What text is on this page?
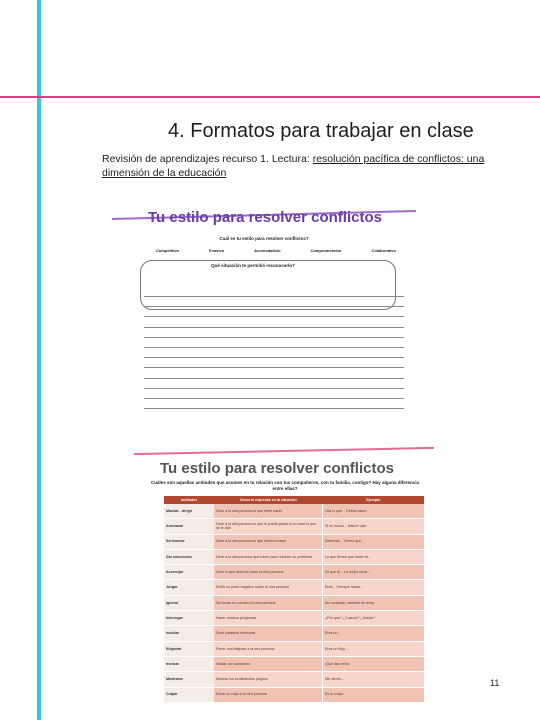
4. Formatos para trabajar en clase
Revisión de aprendizajes recurso 1. Lectura: resolución pacífica de conflictos: una dimensión de la educación
Tu estilo para resolver conflictos
Cuál es tu estilo para resolver conflictos?
Competitivo	Evasivo	Acomodaticio	Comprometedor	Colaborativo
Qué situación te permitió reconocerlo?
Tu estilo para resolver conflictos
Cuáles son aquellas actitudes que asumes en tu relación con tus compañeros, con tu familia, contigo? Hay alguna diferencia entre ellas?
Actitudes	Cómo te expresas en la situación	Ejemplo
Mandar - dirigir	Decir a la otra persona lo que debe hacer	Haz lo que... Debes hacer...
Amenazar	Decir a la otra persona lo que le puede pasar si no hace lo que se le dice	Si no haces... Más te vale...
Sermonear	Decir a la otra persona lo que debería hacer	Deberías... Tienes que...
Dar soluciones	Decir a la otra persona qué hacer para resolver su problema	Lo que tienes que hacer es...
Aconsejar	Decir lo que debería hacer la otra persona	Yo que tú... Lo mejor sería...
Juzgar	Emitir un juicio negativo sobre la otra persona	Eres... Siempre haces...
Ignorar	No tomar en cuenta a la otra persona	No contestar, cambiar de tema
Interrogar	Hacer muchas preguntas	¿Por qué? ¿Cuándo? ¿Dónde?
Insultar	Decir palabras ofensivas	Eres un...
Etiquetar	Poner una etiqueta a la otra persona	Eres un flojo...
Ironizar	Hablar con sarcasmo	¡Qué listo eres!
Mostrarse	Mostrar los sentimientos propios	Me siento...
Culpar	Echar la culpa a la otra persona	Es tu culpa...
11
